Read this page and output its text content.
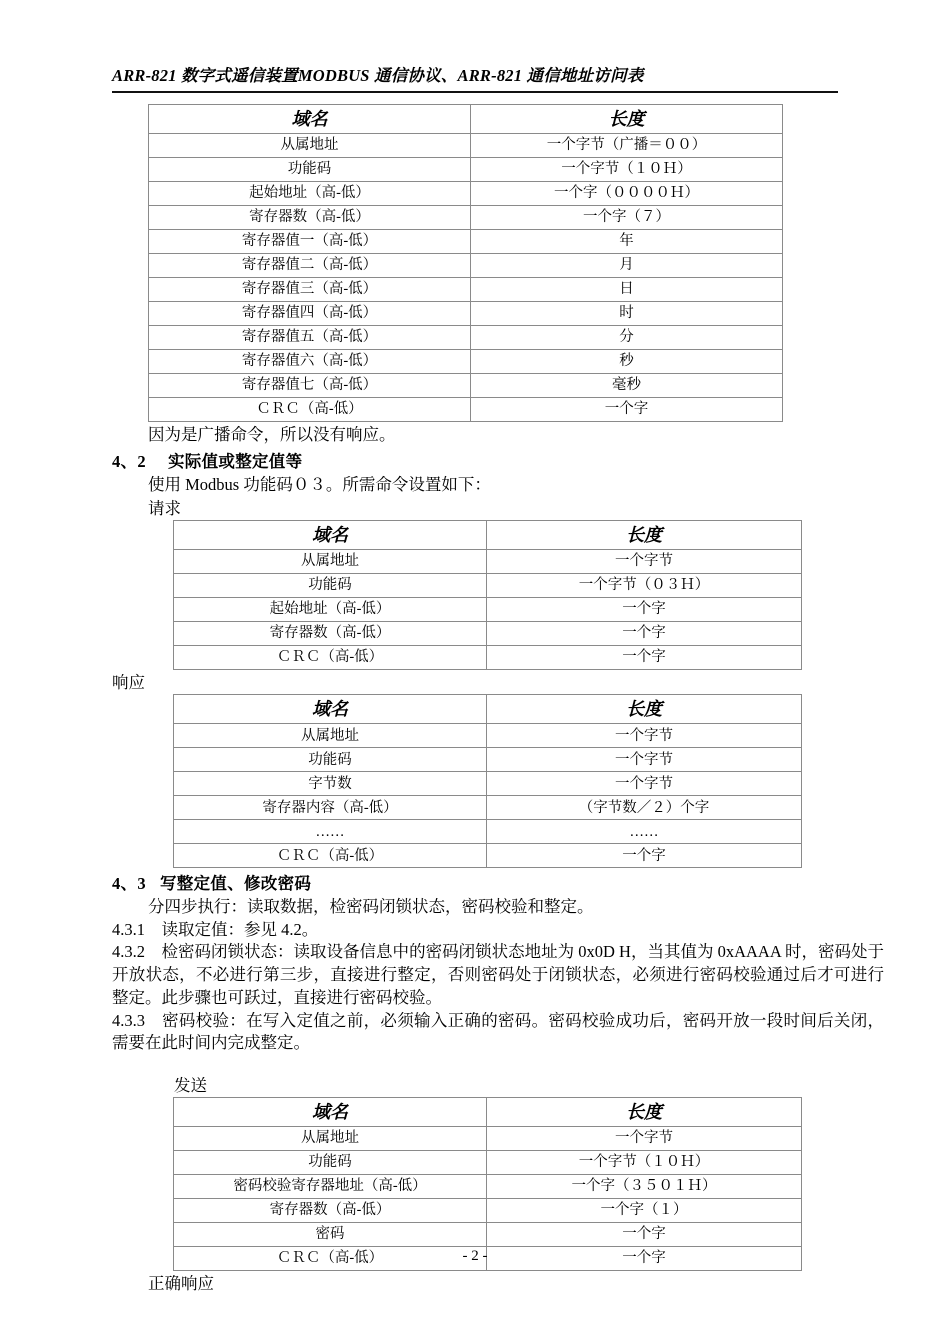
ARR-821 数字式遥信装置MODBUS 通信协议、ARR-821 通信地址访问表
域名	长度
从属地址	一个字节（广播＝００）
功能码	一个字节（１０Ｈ）
起始地址（高-低）	一个字（００００Ｈ）
寄存器数（高-低）	一个字（７）
寄存器值一（高-低）	年
寄存器值二（高-低）	月
寄存器值三（高-低）	日
寄存器值四（高-低）	时
寄存器值五（高-低）	分
寄存器值六（高-低）	秒
寄存器值七（高-低）	毫秒
ＣＲＣ（高-低）	一个字
因为是广播命令，所以没有响应。
4、2 实际值或整定值等
使用 Modbus 功能码０３。所需命令设置如下：
请求
域名	长度
从属地址	一个字节
功能码	一个字节（０３Ｈ）
起始地址（高-低）	一个字
寄存器数（高-低）	一个字
ＣＲＣ（高-低）	一个字
响应
域名	长度
从属地址	一个字节
功能码	一个字节
字节数	一个字节
寄存器内容（高-低）	（字节数／２）个字
……	……
ＣＲＣ（高-低）	一个字
4、3 写整定值、修改密码
分四步执行：读取数据，检密码闭锁状态，密码校验和整定。
4.3.1　读取定值：参见 4.2。
4.3.2　检密码闭锁状态：读取设备信息中的密码闭锁状态地址为 0x0D H，当其值为 0xAAAA 时，密码处于开放状态，不必进行第三步，直接进行整定，否则密码处于闭锁状态，必须进行密码校验通过后才可进行整定。此步骤也可跃过，直接进行密码校验。
4.3.3　密码校验：在写入定值之前，必须输入正确的密码。密码校验成功后，密码开放一段时间后关闭，需要在此时间内完成整定。
发送
域名	长度
从属地址	一个字节
功能码	一个字节（１０Ｈ）
密码校验寄存器地址（高-低）	一个字（３５０１Ｈ）
寄存器数（高-低）	一个字（１）
密码	一个字
ＣＲＣ（高-低）	一个字
正确响应
- 2 -
